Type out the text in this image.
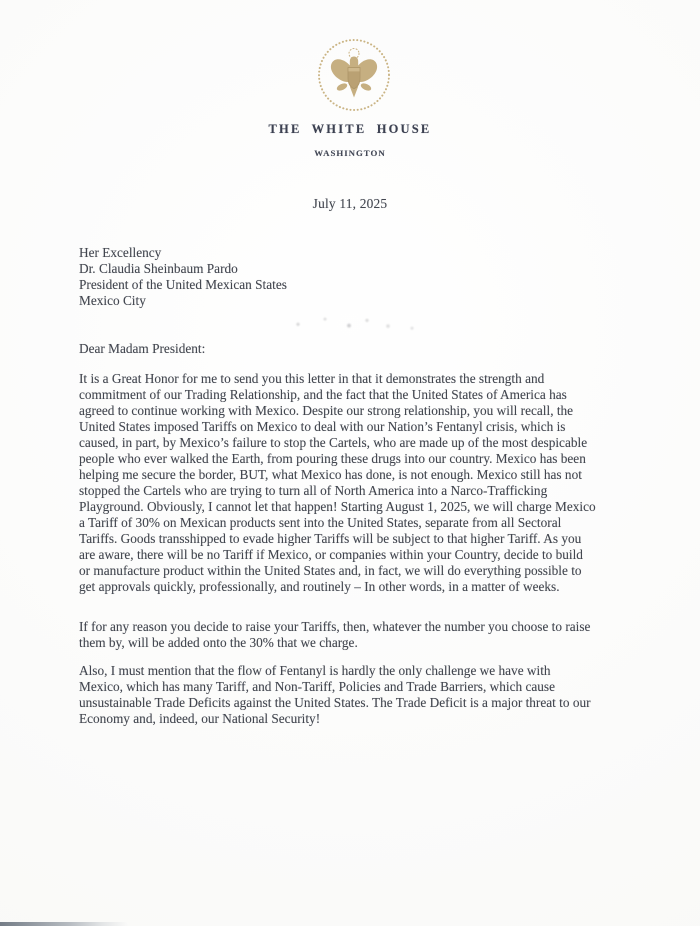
THE WHITE HOUSE
WASHINGTON
July 11, 2025
Her Excellency
Dr. Claudia Sheinbaum Pardo
President of the United Mexican States
Mexico City
Dear Madam President:
It is a Great Honor for me to send you this letter in that it demonstrates the strength and
commitment of our Trading Relationship, and the fact that the United States of America has
agreed to continue working with Mexico. Despite our strong relationship, you will recall, the
United States imposed Tariffs on Mexico to deal with our Nation’s Fentanyl crisis, which is
caused, in part, by Mexico’s failure to stop the Cartels, who are made up of the most despicable
people who ever walked the Earth, from pouring these drugs into our country. Mexico has been
helping me secure the border, BUT, what Mexico has done, is not enough. Mexico still has not
stopped the Cartels who are trying to turn all of North America into a Narco-Trafficking
Playground. Obviously, I cannot let that happen! Starting August 1, 2025, we will charge Mexico
a Tariff of 30% on Mexican products sent into the United States, separate from all Sectoral
Tariffs. Goods transshipped to evade higher Tariffs will be subject to that higher Tariff. As you
are aware, there will be no Tariff if Mexico, or companies within your Country, decide to build
or manufacture product within the United States and, in fact, we will do everything possible to
get approvals quickly, professionally, and routinely – In other words, in a matter of weeks.
If for any reason you decide to raise your Tariffs, then, whatever the number you choose to raise
them by, will be added onto the 30% that we charge.
Also, I must mention that the flow of Fentanyl is hardly the only challenge we have with
Mexico, which has many Tariff, and Non-Tariff, Policies and Trade Barriers, which cause
unsustainable Trade Deficits against the United States. The Trade Deficit is a major threat to our
Economy and, indeed, our National Security!
